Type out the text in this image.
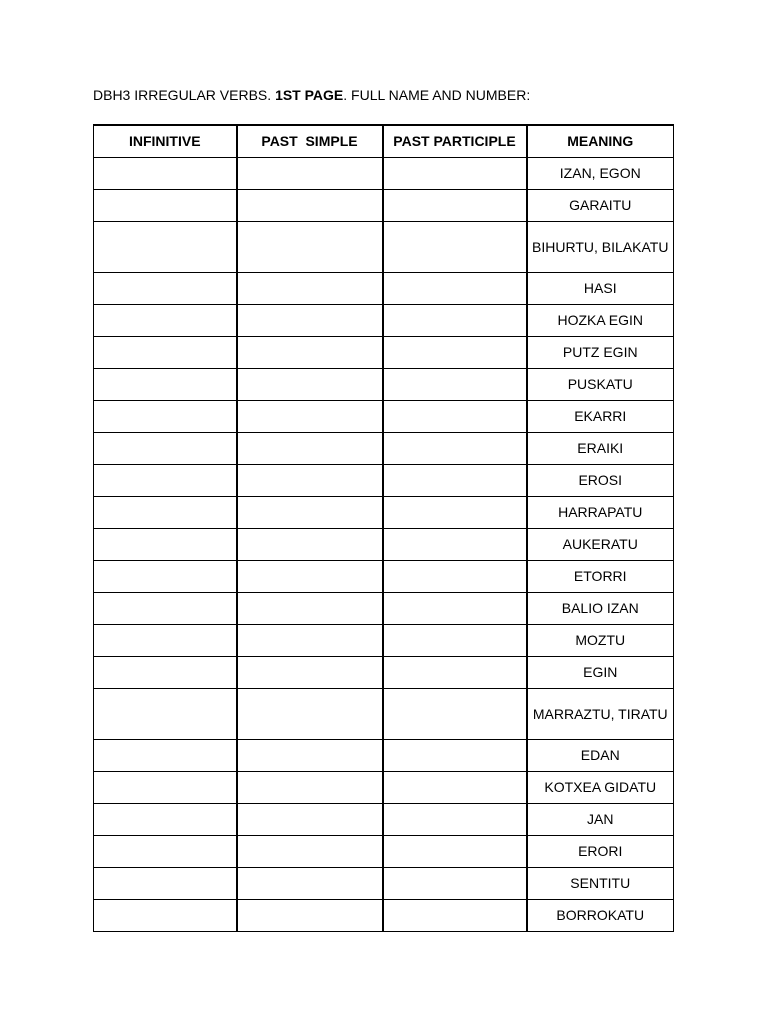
DBH3 IRREGULAR VERBS. 1ST PAGE. FULL NAME AND NUMBER:
INFINITIVE	PAST  SIMPLE	PAST PARTICIPLE	MEANING
			IZAN, EGON
			GARAITU
			BIHURTU, BILAKATU
			HASI
			HOZKA EGIN
			PUTZ EGIN
			PUSKATU
			EKARRI
			ERAIKI
			EROSI
			HARRAPATU
			AUKERATU
			ETORRI
			BALIO IZAN
			MOZTU
			EGIN
			MARRAZTU, TIRATU
			EDAN
			KOTXEA GIDATU
			JAN
			ERORI
			SENTITU
			BORROKATU
